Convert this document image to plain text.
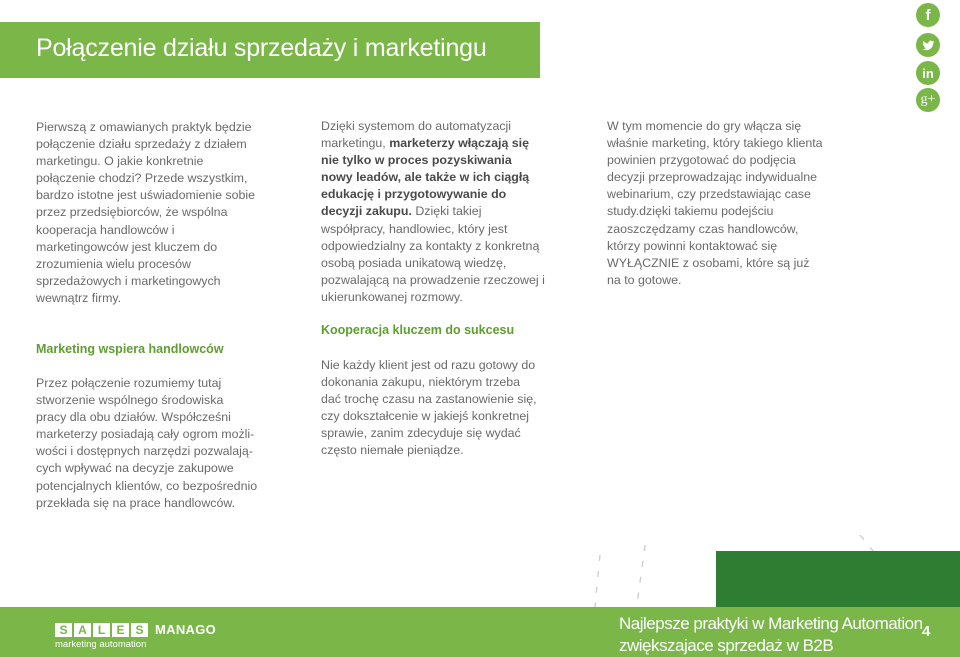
Połączenie działu sprzedaży i marketingu
f
in
g+

Pierwszą z omawianych praktyk będzie

połączenie działu sprzedaży z działem

marketingu. O jakie konkretnie

połączenie chodzi? Przede wszystkim,

bardzo istotne jest uświadomienie sobie

przez przedsiębiorców, że wspólna

kooperacja handlowców i

marketingowców jest kluczem do

zrozumienia wielu procesów

sprzedażowych i marketingowych

wewnątrz firmy.

Marketing wspiera handlowców

Przez połączenie rozumiemy tutaj

stworzenie wspólnego środowiska

pracy dla obu działów. Współcześni

marketerzy posiadają cały ogrom możli-

wości i dostępnych narzędzi pozwalają-

cych wpływać na decyzje zakupowe

potencjalnych klientów, co bezpośrednio

przekłada się na prace handlowców.

Dzięki systemom do automatyzacji

marketingu, marketerzy włączają się

nie tylko w proces pozyskiwania

nowy leadów, ale także w ich ciągłą

edukację i przygotowywanie do

decyzji zakupu. Dzięki takiej

współpracy, handlowiec, który jest

odpowiedzialny za kontakty z konkretną

osobą posiada unikatową wiedzę,

pozwalającą na prowadzenie rzeczowej i

ukierunkowanej rozmowy.

Kooperacja kluczem do sukcesu

Nie każdy klient jest od razu gotowy do

dokonania zakupu, niektórym trzeba

dać trochę czasu na zastanowienie się,

czy dokształcenie w jakiejś konkretnej

sprawie, zanim zdecyduje się wydać

często niemałe pieniądze.

W tym momencie do gry włącza się

właśnie marketing, który takiego klienta

powinien przygotować do podjęcia

decyzji przeprowadzając indywidualne

webinarium, czy przedstawiając case

study.dzięki takiemu podejściu

zaoszczędzamy czas handlowców,

którzy powinni kontaktować się

WYŁĄCZNIE z osobami, które są już

na to gotowe.

S A L E S MANAGO
marketing automation
Najlepsze praktyki w Marketing Automation
zwiększajace sprzedaż w B2B
4
